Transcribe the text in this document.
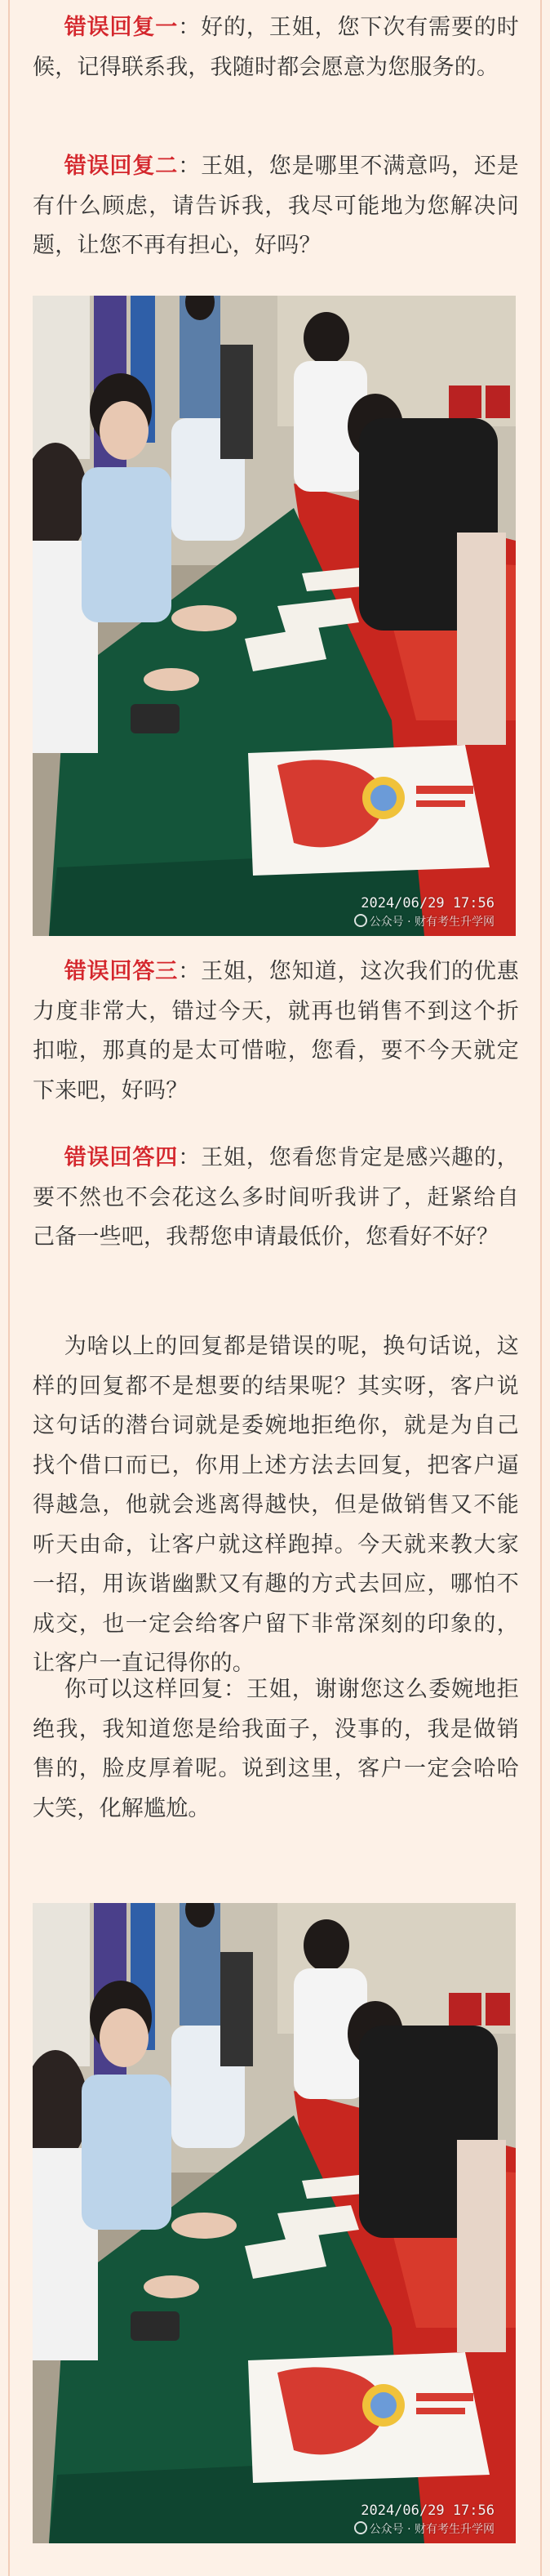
错误回复一：好的，王姐，您下次有需要的时候，记得联系我，我随时都会愿意为您服务的。
错误回复二：王姐，您是哪里不满意吗，还是有什么顾虑，请告诉我，我尽可能地为您解决问题，让您不再有担心，好吗？
2024/06/29 17:56
公众号 · 财有考生升学网
错误回答三：王姐，您知道，这次我们的优惠力度非常大，错过今天，就再也销售不到这个折扣啦，那真的是太可惜啦，您看，要不今天就定下来吧，好吗？
错误回答四：王姐，您看您肯定是感兴趣的，要不然也不会花这么多时间听我讲了，赶紧给自己备一些吧，我帮您申请最低价，您看好不好？
为啥以上的回复都是错误的呢，换句话说，这样的回复都不是想要的结果呢？其实呀，客户说这句话的潜台词就是委婉地拒绝你，就是为自己找个借口而已，你用上述方法去回复，把客户逼得越急，他就会逃离得越快，但是做销售又不能听天由命，让客户就这样跑掉。今天就来教大家一招，用诙谐幽默又有趣的方式去回应，哪怕不成交，也一定会给客户留下非常深刻的印象的，让客户一直记得你的。
你可以这样回复：王姐，谢谢您这么委婉地拒绝我，我知道您是给我面子，没事的，我是做销售的，脸皮厚着呢。说到这里，客户一定会哈哈大笑，化解尴尬。
2024/06/29 17:56
公众号 · 财有考生升学网
